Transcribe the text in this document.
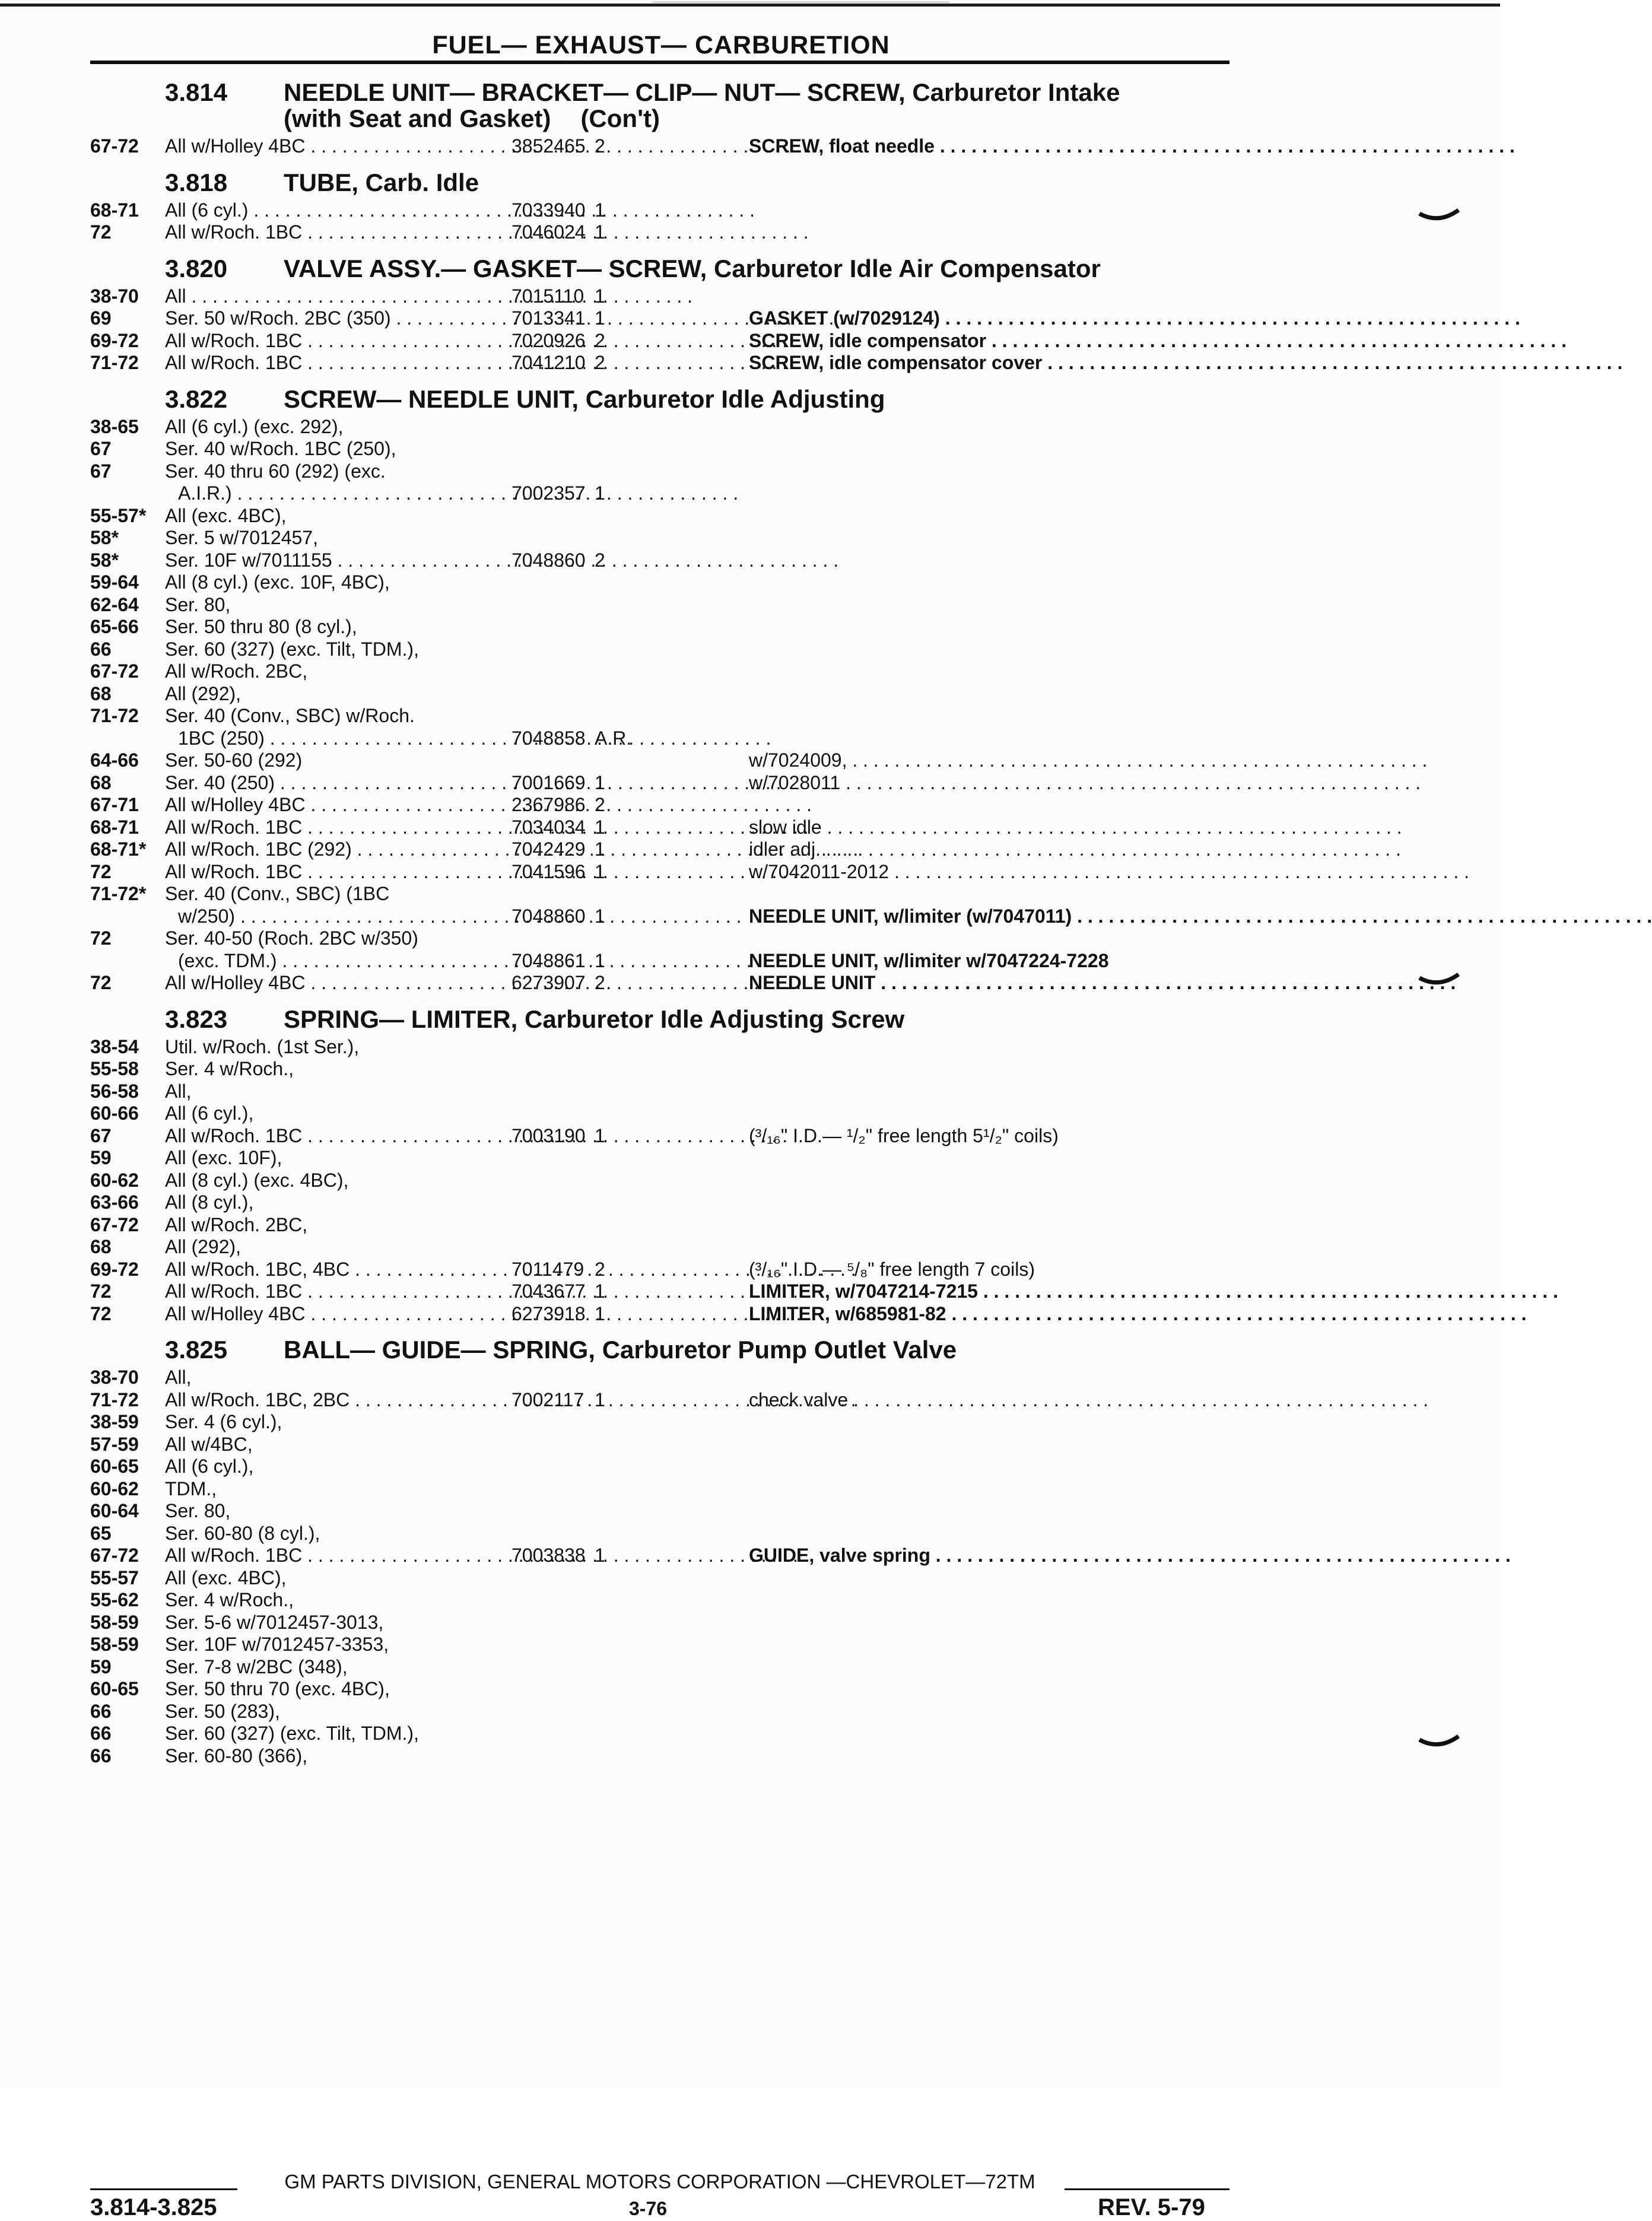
FUEL— EXHAUST— CARBURETION
3.814	NEEDLE UNIT— BRACKET— CLIP— NUT— SCREW, Carburetor Intake
(with Seat and Gasket) (Con't)
67-72	All w/Holley 4BC . . .	3852465 2	SCREW, float needle . . .
3.818	TUBE, Carb. Idle
68-71	All (6 cyl.) . . .	7033940 1
72	All w/Roch. 1BC . . .	7046024 1
3.820	VALVE ASSY.— GASKET— SCREW, Carburetor Idle Air Compensator
38-70	All . . .	7015110 1
69	Ser. 50 w/Roch. 2BC (350) . . .	7013341 1	GASKET (w/7029124) . . .
69-72	All w/Roch. 1BC . . .	7020926 2	SCREW, idle compensator . . .
71-72	All w/Roch. 1BC . . .	7041210 2	SCREW, idle compensator cover . . .
3.822	SCREW— NEEDLE UNIT, Carburetor Idle Adjusting
38-65	All (6 cyl.) (exc. 292),
67	Ser. 40 w/Roch. 1BC (250),
67	Ser. 40 thru 60 (292) (exc.
A.I.R.) . . .	7002357 1
55-57* All (exc. 4BC),
58*	Ser. 5 w/7012457,
58*	Ser. 10F w/7011155 . . .	7048860 2
59-64	All (8 cyl.) (exc. 10F, 4BC),
62-64	Ser. 80,
65-66	Ser. 50 thru 80 (8 cyl.),
66	Ser. 60 (327) (exc. Tilt, TDM.),
67-72	All w/Roch. 2BC,
68	All (292),
71-72	Ser. 40 (Conv., SBC) w/Roch.
1BC (250) . . .	7048858 A.R.
64-66	Ser. 50-60 (292)	w/7024009, . . .
68	Ser. 40 (250) . . .	7001669 1	w/7028011 . . .
67-71	All w/Holley 4BC . . .	2367986 2
68-71	All w/Roch. 1BC . . .	7034034 1	slow idle . . .
68-71* All w/Roch. 1BC (292) . . .	7042429 1	idler adj. . . .
72	All w/Roch. 1BC . . .	7041596 1	w/7042011-2012 . . .
71-72* Ser. 40 (Conv., SBC) (1BC
w/250) . . .	7048860 1	NEEDLE UNIT, w/limiter (w/7047011) . . .
72	Ser. 40-50 (Roch. 2BC w/350)
(exc. TDM.) . . .	7048861 1	NEEDLE UNIT, w/limiter w/7047224-7228
72	All w/Holley 4BC . . .	6273907 2	NEEDLE UNIT . . .
3.823	SPRING— LIMITER, Carburetor Idle Adjusting Screw
38-54	Util. w/Roch. (1st Ser.),
55-58	Ser. 4 w/Roch.,
56-58	All,
60-66	All (6 cyl.),
67	All w/Roch. 1BC . . .	7003190 1	(³/₁₆" I.D.— ¹/₂" free length 5¹/₂" coils)
59	All (exc. 10F),
60-62	All (8 cyl.) (exc. 4BC),
63-66	All (8 cyl.),
67-72	All w/Roch. 2BC,
68	All (292),
69-72	All w/Roch. 1BC, 4BC . . .	7011479 2	(³/₁₆" I.D.— ⁵/₈" free length 7 coils)
72	All w/Roch. 1BC . . .	7043677 1	LIMITER, w/7047214-7215 . . .
72	All w/Holley 4BC . . .	6273918 1	LIMITER, w/685981-82 . . .
3.825	BALL— GUIDE— SPRING, Carburetor Pump Outlet Valve
38-70	All,
71-72	All w/Roch. 1BC, 2BC . . .	7002117 1	check valve . . .
38-59	Ser. 4 (6 cyl.),
57-59	All w/4BC,
60-65	All (6 cyl.),
60-62	TDM.,
60-64	Ser. 80,
65	Ser. 60-80 (8 cyl.),
67-72	All w/Roch. 1BC . . .	7003838 1	GUIDE, valve spring . . .
55-57	All (exc. 4BC),
55-62	Ser. 4 w/Roch.,
58-59	Ser. 5-6 w/7012457-3013,
58-59	Ser. 10F w/7012457-3353,
59	Ser. 7-8 w/2BC (348),
60-65	Ser. 50 thru 70 (exc. 4BC),
66	Ser. 50 (283),
66	Ser. 60 (327) (exc. Tilt, TDM.),
66	Ser. 60-80 (366),
GM PARTS DIVISION, GENERAL MOTORS CORPORATION —CHEVROLET—72TM
3.814-3.825	3-76	REV. 5-79
